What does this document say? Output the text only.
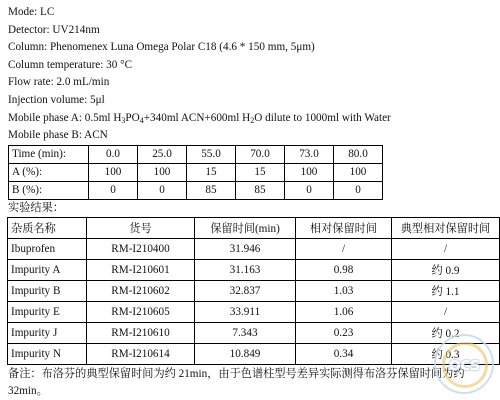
Mode: LC
Detector: UV214nm
Column: Phenomenex Luna Omega Polar C18 (4.6 * 150 mm, 5μm)
Column temperature: 30 °C
Flow rate: 2.0 mL/min
Injection volume: 5μl
Mobile phase A: 0.5ml $H_3PO_4+340ml$ ACN+600ml $H_2O$ dilute to 1000ml with Water
Mobile phase B: ACN
Time (min):	0.0	25.0	55.0	70.0	73.0	80.0
A (%):	100	100	15	15	100	100
B (%):	0	0	85	85	0	0
实验结果：
杂质名称	货号	保留时间(min)	相对保留时间	典型相对保留时间
Ibuprofen	RM-I210400	31.946	/	/
Impurity A	RM-I210601	31.163	0.98	约 0.9
Impurity B	RM-I210602	32.837	1.03	约 1.1
Impurity E	RM-I210605	33.911	1.06	/
Impurity J	RM-I210610	7.343	0.23	约 0.2
Impurity N	RM-I210614	10.849	0.34	约 0.3
备注：布洛芬的典型保留时间为约 21min，由于色谱柱型号差异实际测得布洛芬保留时间为约 32min。
ocs
